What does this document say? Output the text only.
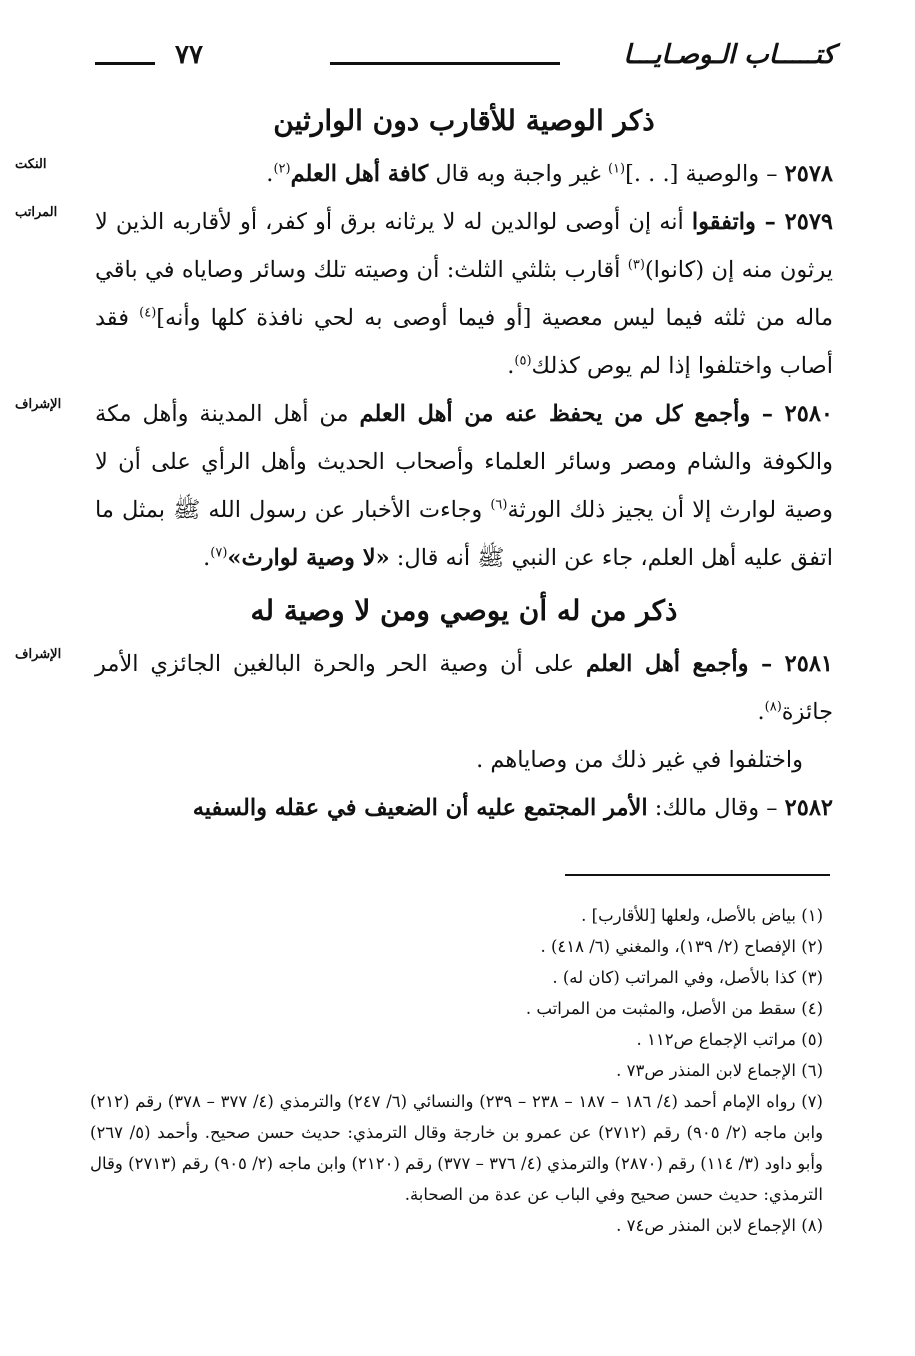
كتـــــاب الـوصـايـــا
٧٧
ذكر الوصية للأقارب دون الوارثين

النكت	٢٥٧٨ – والوصية [. . .]$^{(١)}$ غير واجبة وبه قال كافة أهل العلم$^{(٢)}$.

المراتب	٢٥٧٩ – واتفقوا أنه إن أوصى لوالدين له لا يرثانه برق أو كفر، أو لأقاربه الذين لا يرثون منه إن (كانوا)$^{(٣)}$ أقارب بثلثي الثلث: أن وصيته تلك وسائر وصاياه في باقي ماله من ثلثه فيما ليس معصية [أو فيما أوصى به لحي نافذة كلها وأنه]$^{(٤)}$ فقد أصاب واختلفوا إذا لم يوص كذلك$^{(٥)}$.

الإشراف	٢٥٨٠ – وأجمع كل من يحفظ عنه من أهل العلم من أهل المدينة وأهل مكة والكوفة والشام ومصر وسائر العلماء وأصحاب الحديث وأهل الرأي على أن لا وصية لوارث إلا أن يجيز ذلك الورثة$^{(٦)}$ وجاءت الأخبار عن رسول الله ﷺ بمثل ما اتفق عليه أهل العلم، جاء عن النبي ﷺ أنه قال: «لا وصية لوارث»$^{(٧)}$.

ذكر من له أن يوصي ومن لا وصية له

الإشراف	٢٥٨١ – وأجمع أهل العلم على أن وصية الحر والحرة البالغين الجائزي الأمر جائزة$^{(٨)}$.

واختلفوا في غير ذلك من وصاياهم .

٢٥٨٢ – وقال مالك: الأمر المجتمع عليه أن الضعيف في عقله والسفيه

(١) بياض بالأصل، ولعلها [للأقارب] .

(٢) الإفصاح (٢/ ١٣٩)، والمغني (٦/ ٤١٨) .

(٣) كذا بالأصل، وفي المراتب (كان له) .

(٤) سقط من الأصل، والمثبت من المراتب .

(٥) مراتب الإجماع ص١١٢ .

(٦) الإجماع لابن المنذر ص٧٣ .

(٧) رواه الإمام أحمد (٤/ ١٨٦ – ١٨٧ – ٢٣٨ – ٢٣٩) والنسائي (٦/ ٢٤٧) والترمذي (٤/ ٣٧٧ – ٣٧٨) رقم (٢١٢) وابن ماجه (٢/ ٩٠٥) رقم (٢٧١٢) عن عمرو بن خارجة وقال الترمذي: حديث حسن صحيح. وأحمد (٥/ ٢٦٧) وأبو داود (٣/ ١١٤) رقم (٢٨٧٠) والترمذي (٤/ ٣٧٦ – ٣٧٧) رقم (٢١٢٠) وابن ماجه (٢/ ٩٠٥) رقم (٢٧١٣) وقال الترمذي: حديث حسن صحيح وفي الباب عن عدة من الصحابة.

(٨) الإجماع لابن المنذر ص٧٤ .
